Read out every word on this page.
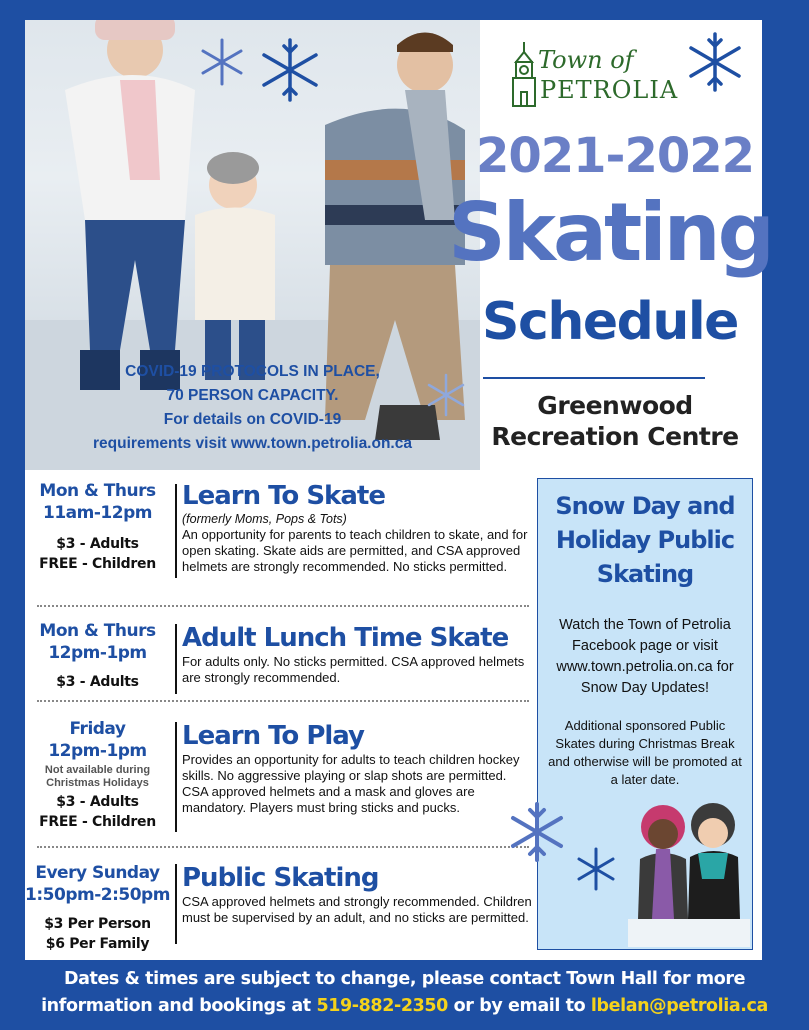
COVID-19 PROTOCOLS IN PLACE,
70 PERSON CAPACITY.
For details on COVID-19
requirements visit www.town.petrolia.on.ca
Town of
PETROLIA
2021-2022
Skating
Schedule
Greenwood
Recreation Centre
Mon & Thurs
11am-12pm
$3 - Adults
FREE - Children
Learn To Skate
(formerly Moms, Pops & Tots)
An opportunity for parents to teach children to skate, and for open skating. Skate aids are permitted, and CSA approved helmets are strongly recommended. No sticks permitted.
Mon & Thurs
12pm-1pm
$3 - Adults
Adult Lunch Time Skate
For adults only. No sticks permitted. CSA approved helmets are strongly recommended.
Friday
12pm-1pm
Not available during Christmas Holidays
$3 - Adults
FREE - Children
Learn To Play
Provides an opportunity for adults to teach children hockey skills. No aggressive playing or slap shots are permitted. CSA approved helmets and a mask and gloves are mandatory. Players must bring sticks and pucks.
Every Sunday
1:50pm-2:50pm
$3 Per Person
$6 Per Family
Public Skating
CSA approved helmets and strongly recommended. Children must be supervised by an adult, and no sticks are permitted.
Snow Day and Holiday Public Skating
Watch the Town of Petrolia Facebook page or visit www.town.petrolia.on.ca for Snow Day Updates!
Additional sponsored Public Skates during Christmas Break and otherwise will be promoted at a later date.
Dates & times are subject to change, please contact Town Hall for more
information and bookings at 519-882-2350 or by email to lbelan@petrolia.ca
